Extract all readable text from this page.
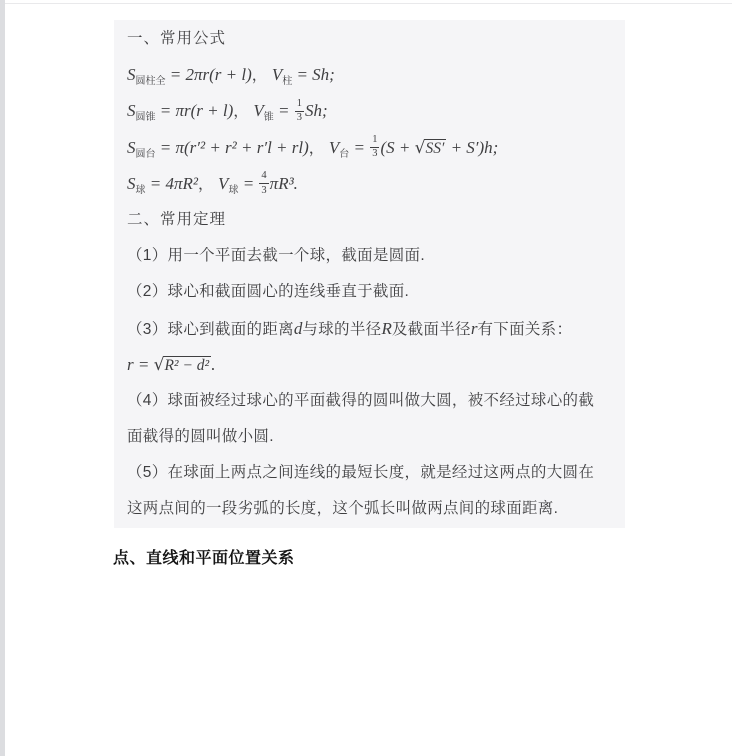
一、常用公式
$S_{圆柱全} = 2\pi r(r + l)$， $V_柱 = Sh$;
$S_{圆锥} = \pi r(r + l)$， $V_锥 = \frac{1}{3} Sh$;
$S_{圆台} = \pi(r'^2 + r^2 + r'l + rl)$， $V_台 = \frac{1}{3} (S + √SS' + S')h$;
$S_球 = 4\pi R^2$， $V_球 = \frac{4}{3} \pi R^3$.
二、常用定理
（1）用一个平面去截一个球，截面是圆面.
（2）球心和截面圆心的连线垂直于截面.
（3）球心到截面的距离d与球的半径R及截面半径r有下面关系：
r = √R² − d² .
（4）球面被经过球心的平面截得的圆叫做大圆，被不经过球心的截
面截得的圆叫做小圆.
（5）在球面上两点之间连线的最短长度，就是经过这两点的大圆在
这两点间的一段劣弧的长度，这个弧长叫做两点间的球面距离.
点、直线和平面位置关系
